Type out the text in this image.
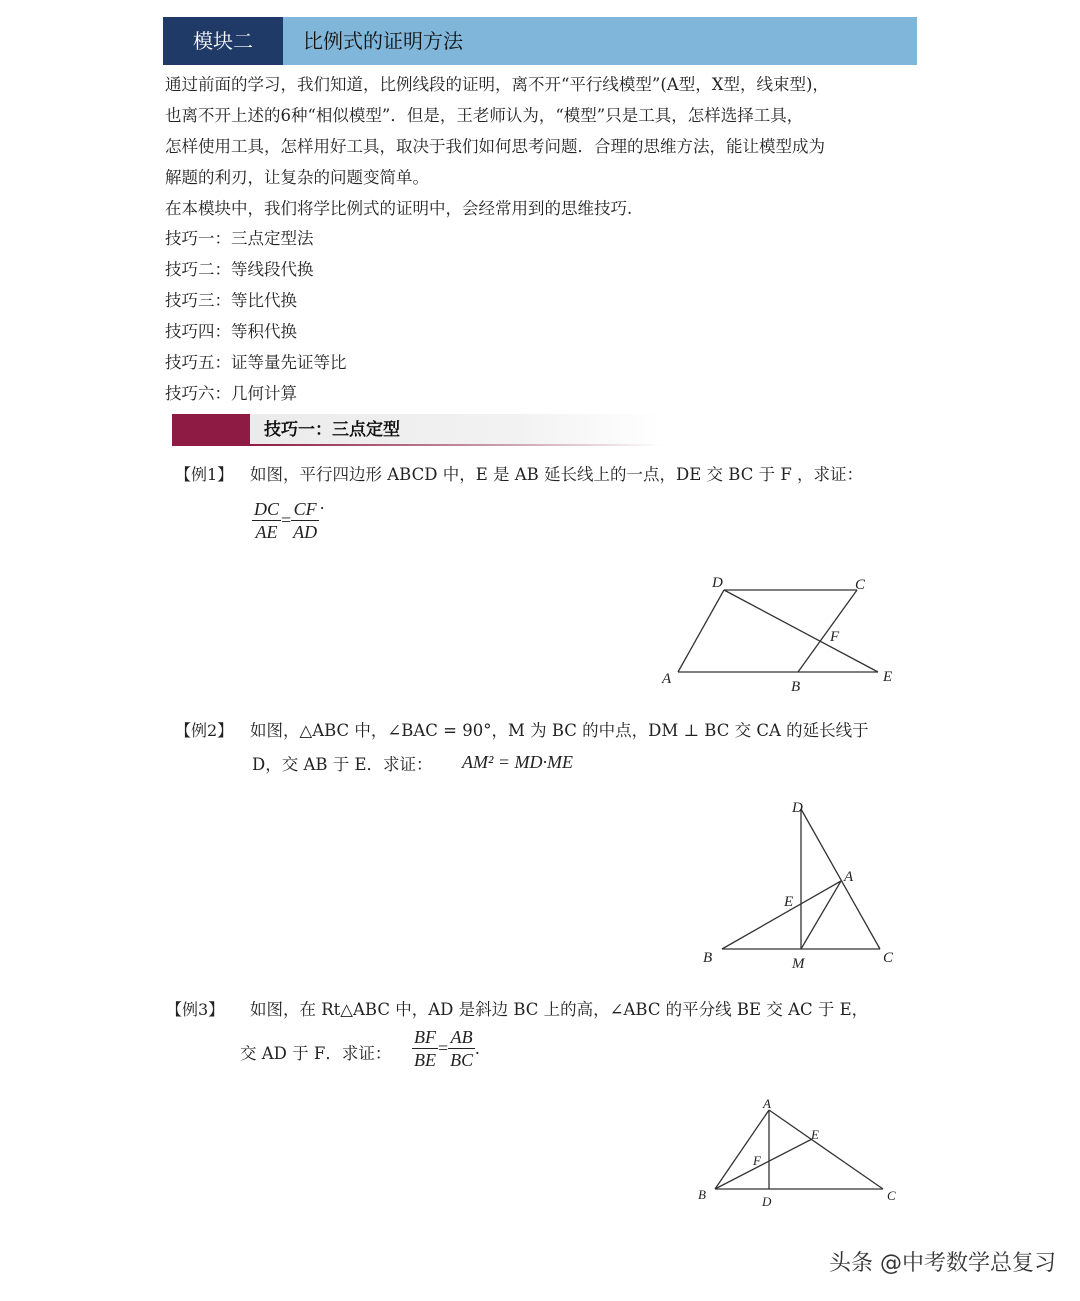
模块二	比例式的证明方法
通过前面的学习，我们知道，比例线段的证明，离不开“平行线模型”(A型，X型，线束型)，
也离不开上述的6种“相似模型”．但是，王老师认为，“模型”只是工具，怎样选择工具，
怎样使用工具，怎样用好工具，取决于我们如何思考问题．合理的思维方法，能让模型成为
解题的利刃，让复杂的问题变简单。
在本模块中，我们将学比例式的证明中，会经常用到的思维技巧.
技巧一：三点定型法
技巧二：等线段代换
技巧三：等比代换
技巧四：等积代换
技巧五：证等量先证等比
技巧六：几何计算
技巧一：三点定型
【例1】 如图，平行四边形 ABCD 中，E 是 AB 延长线上的一点，DE 交 BC 于 F ，求证：
$\frac{DC}{AE} = \frac{CF}{AD}$ ·
A	B
C
D
E
F
【例2】 如图，△ABC 中，∠BAC = 90°，M 为 BC 的中点，DM ⊥ BC 交 CA 的延长线于
D，交 AB 于 E．求证： AM² = MD·ME
A
B	C
D
E
M
【例3】 如图，在 Rt△ABC 中，AD 是斜边 BC 上的高，∠ABC 的平分线 BE 交 AC 于 E，
交 AD 于 F．求证： $\frac{BF}{BE} = \frac{AB}{BC}$ .
A
B	C
D
E
F
头条 @中考数学总复习
